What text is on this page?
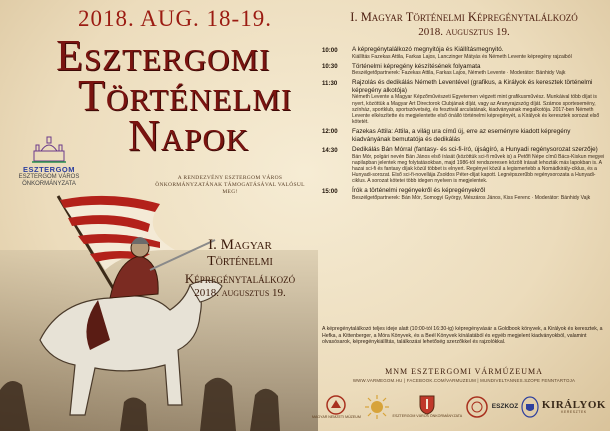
2018. AUG. 18-19.
Esztergomi
Történelmi
Napok
ESZTERGOM
ESZTERGOM VÁROS ÖNKORMÁNYZATA
A RENDEZVÉNY ESZTERGOM VÁROS ÖNKORMÁNYZATÁNAK TÁMOGATÁSÁVAL VALÓSUL MEG!
I. Magyar
Történelmi
Képregénytalálkozó
2018. augusztus 19.
I. Magyar Történelmi Képregénytalálkozó
2018. augusztus 19.
10:00	A képregénytalálkozó megnyitója és Kiállításmegnyitó.
Kiállítás Fazekas Attila, Farkas Lajos, Lanczinger Mátyás és Németh Levente képregény rajzaiból
10:30	Történelmi képregény készítésének folyamata
Beszélgetőpartnerek: Fazekas Attila, Farkas Lajos, Németh Levente · Moderátor: Bánhidy Vajk
11:30	Rajzolás és dedikálás Németh Leventével (grafikus, a Királyok és keresztek történelmi képregény alkotója)
Németh Levente a Magyar Képzőművészeti Egyetemen végzett mint grafikusművész. Munkáival több díjat is nyert, közöttük a Magyar Art Directorok Clubjának díját, vagy az Aranyrajzszög díját. Számos sportesemény, színház, sportklub, sportszövetség, és fesztivál arculatának, kiadványainak megalkotója. 2017-ben Németh Levente elkészítette és megjelentette első önálló történelmi képregényét, a Királyok és keresztek sorozat első kötetét.
12:00	Fazekas Attila: Attila, a világ ura című új, erre az eseményre kiadott képregény kiadványának bemutatója és dedikálás
14:30	Dedikálás Bán Mórral (fantasy- és sci-fi-író, újságíró, a Hunyadi regénysorozat szerzője)
Bán Mór, polgári nevén Bán János első írását (közöttük sci-fi művek is) a Petőfi Népe című Bács-Kiskun megyei napilapban jelentek meg folytatásokban, majd 1986-tól rendszeresen közölt írásait lehozták más lapokban is. A hazai sci-fi és fantasy díjak közül többet is elnyert. Regényei közül a legismertebb a Nomádkirály-ciklus, és a Hunyadi-sorozat. Első sci-fi-novellája Zsoldos Péter-díjat kapott. Legnépszerűbb regénysorozata a Hunyadi-ciklus. A sorozat kötetei több idegen nyelven is megjelentek.
15:00	Írók a történelmi regényekről és képregényekről
Beszélgetőpartnerek: Bán Mór, Somogyi György, Mészáros János, Kiss Ferenc · Moderátor: Bánhidy Vajk
A képregénytalálkozó teljes ideje alatt (10:00-tól 16:30-ig) képregényvásár a Goldbook könyvek, a Királyok és keresztek, a Hefka, a Kittenberger, a Móra Könyvek, és a Beél Könyvek kínálatából és egyéb megjelent kiadványokból, valamint olvasósarok, képregénykiállítás, találkozási lehetőség szerzőkkel és rajzolókkal.
MNM ESZTERGOMI VÁRMÚZEUMA
WWW.VARMEGOM.HU | FACEBOOK.COM/VARMUZEUM | MUNDIVELTANNES.SZOPE FENNTARTOJA
MAGYAR NEMZETI MÚZEUM	ESZTERGOM VÁROS ÖNKORMÁNYZATA
ESZKOZ KIRÁLYOK
KERESZTEK
